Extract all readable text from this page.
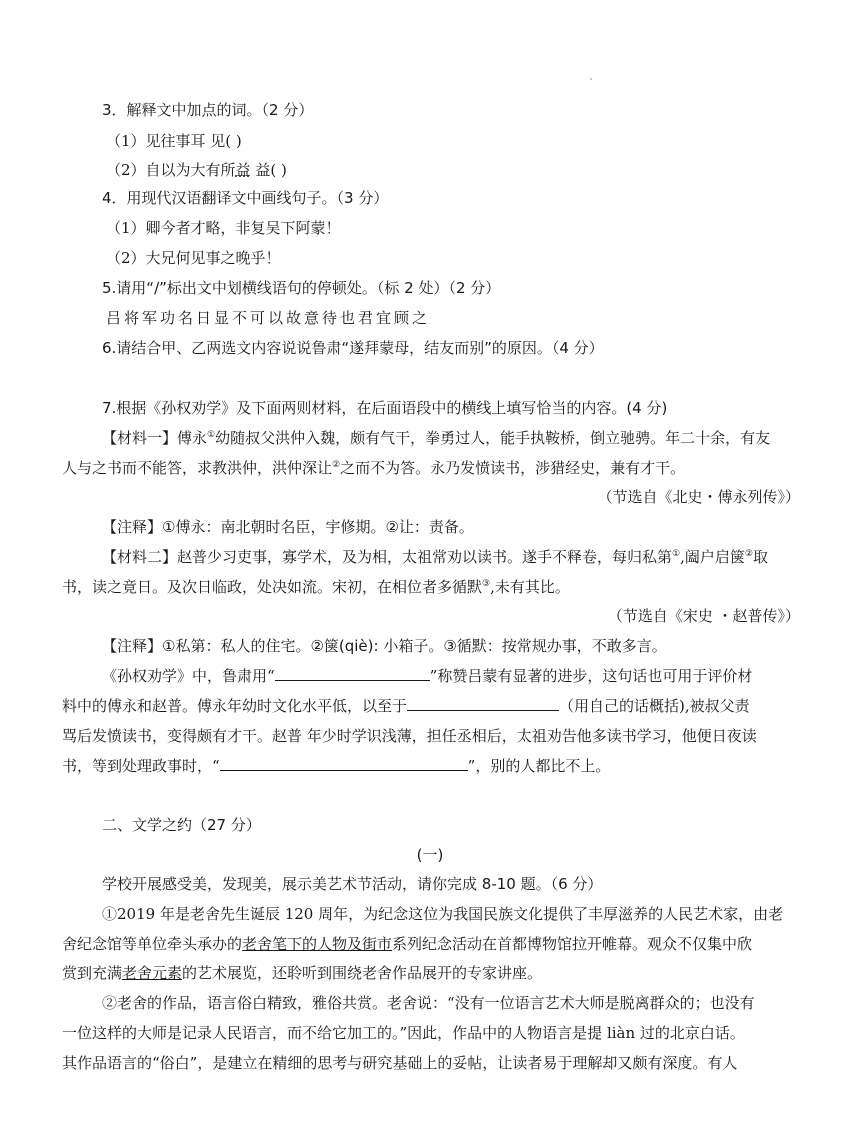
3．解释文中加点的词。（2 分）
（1）见往事耳 见( )
（2）自以为大有所益 益( )
4．用现代汉语翻译文中画线句子。（3 分）
（1）卿今者才略，非复吴下阿蒙！
（2）大兄何见事之晚乎！
5.请用“/”标出文中划横线语句的停顿处。（标 2 处）（2 分）
吕将军功名日显不可以故意待也君宜顾之
6.请结合甲、乙两选文内容说说鲁肃“遂拜蒙母，结友而别”的原因。（4 分）
7.根据《孙权劝学》及下面两则材料，在后面语段中的横线上填写恰当的内容。(4 分)
【材料一】傅永①幼随叔父洪仲入魏，颇有气干，拳勇过人，能手执鞍桥，倒立驰骋。年二十余，有友
人与之书而不能答，求教洪仲，洪仲深让②之而不为答。永乃发愤读书，涉猎经史，兼有才干。
（节选自《北史・傅永列传》）
【注释】①傅永：南北朝时名臣，宇修期。②让：责备。
【材料二】赵普少习吏事，寡学术，及为相，太祖常劝以读书。遂手不释卷，每归私第①,阖户启箧②取
书，读之竟日。及次日临政，处决如流。宋初，在相位者多循默③,未有其比。
（节选自《宋史 ・赵普传》）
【注释】①私第：私人的住宅。②箧(qiè): 小箱子。③循默：按常规办事，不敢多言。
《孙权劝学》中，鲁肃用“	”称赞吕蒙有显著的进步，这句话也可用于评价材
料中的傅永和赵普。傅永年幼时文化水平低，以至于	（用自己的话概括),被叔父责
骂后发愤读书，变得颇有才干。赵普 年少时学识浅薄，担任丞相后，太祖劝告他多读书学习，他便日夜读
书，等到处理政事时，“	”，别的人都比不上。
二、文学之约（27 分）
(一)
学校开展感受美，发现美，展示美艺术节活动，请你完成 8-10 题。（6 分）
①2019 年是老舍先生诞辰 120 周年，为纪念这位为我国民族文化提供了丰厚滋养的人民艺术家，由老
舍纪念馆等单位牵头承办的老舍笔下的人物及街市系列纪念活动在首都博物馆拉开帷幕。观众不仅集中欣
赏到充满老舍元素的艺术展览，还聆听到围绕老舍作品展开的专家讲座。
②老舍的作品，语言俗白精致，雅俗共赏。老舍说：“没有一位语言艺术大师是脱离群众的；也没有
一位这样的大师是记录人民语言，而不给它加工的。”因此，作品中的人物语言是提 liàn 过的北京白话。
其作品语言的“俗白”，是建立在精细的思考与研究基础上的妥帖，让读者易于理解却又颇有深度。有人
